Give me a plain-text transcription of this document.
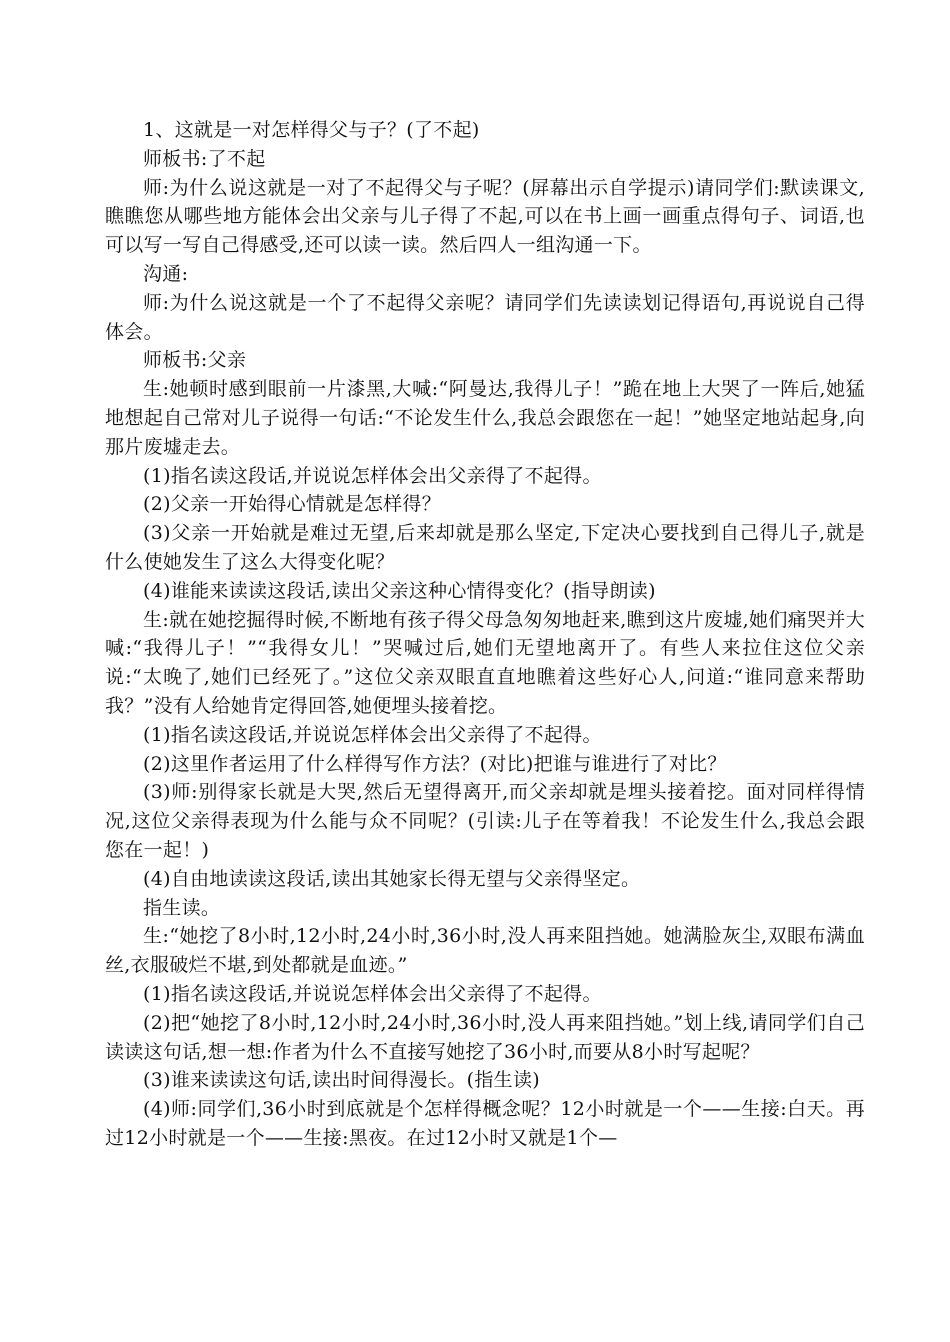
1、这就是一对怎样得父与子？(了不起)

师板书:了不起

师:为什么说这就是一对了不起得父与子呢？(屏幕出示自学提示)请同学们:默读课文,瞧瞧您从哪些地方能体会出父亲与儿子得了不起,可以在书上画一画重点得句子、词语,也可以写一写自己得感受,还可以读一读。然后四人一组沟通一下。

沟通:

师:为什么说这就是一个了不起得父亲呢？请同学们先读读划记得语句,再说说自己得体会。

师板书:父亲

生:她顿时感到眼前一片漆黑,大喊:“阿曼达,我得儿子！”跪在地上大哭了一阵后,她猛地想起自己常对儿子说得一句话:“不论发生什么,我总会跟您在一起！”她坚定地站起身,向那片废墟走去。

(1)指名读这段话,并说说怎样体会出父亲得了不起得。

(2)父亲一开始得心情就是怎样得？

(3)父亲一开始就是难过无望,后来却就是那么坚定,下定决心要找到自己得儿子,就是什么使她发生了这么大得变化呢？

(4)谁能来读读这段话,读出父亲这种心情得变化？(指导朗读)

生:就在她挖掘得时候,不断地有孩子得父母急匆匆地赶来,瞧到这片废墟,她们痛哭并大喊:“我得儿子！”“我得女儿！”哭喊过后,她们无望地离开了。有些人来拉住这位父亲说:“太晚了,她们已经死了。”这位父亲双眼直直地瞧着这些好心人,问道:“谁同意来帮助我？”没有人给她肯定得回答,她便埋头接着挖。

(1)指名读这段话,并说说怎样体会出父亲得了不起得。

(2)这里作者运用了什么样得写作方法？(对比)把谁与谁进行了对比？

(3)师:别得家长就是大哭,然后无望得离开,而父亲却就是埋头接着挖。面对同样得情况,这位父亲得表现为什么能与众不同呢？(引读:儿子在等着我！不论发生什么,我总会跟您在一起！)

(4)自由地读读这段话,读出其她家长得无望与父亲得坚定。

指生读。

生:“她挖了8小时,12小时,24小时,36小时,没人再来阻挡她。她满脸灰尘,双眼布满血丝,衣服破烂不堪,到处都就是血迹。”

(1)指名读这段话,并说说怎样体会出父亲得了不起得。

(2)把“她挖了8小时,12小时,24小时,36小时,没人再来阻挡她。”划上线,请同学们自己读读这句话,想一想:作者为什么不直接写她挖了36小时,而要从8小时写起呢？

(3)谁来读读这句话,读出时间得漫长。(指生读)

(4)师:同学们,36小时到底就是个怎样得概念呢？12小时就是一个——生接:白天。再过12小时就是一个——生接:黑夜。在过12小时又就是1个—
